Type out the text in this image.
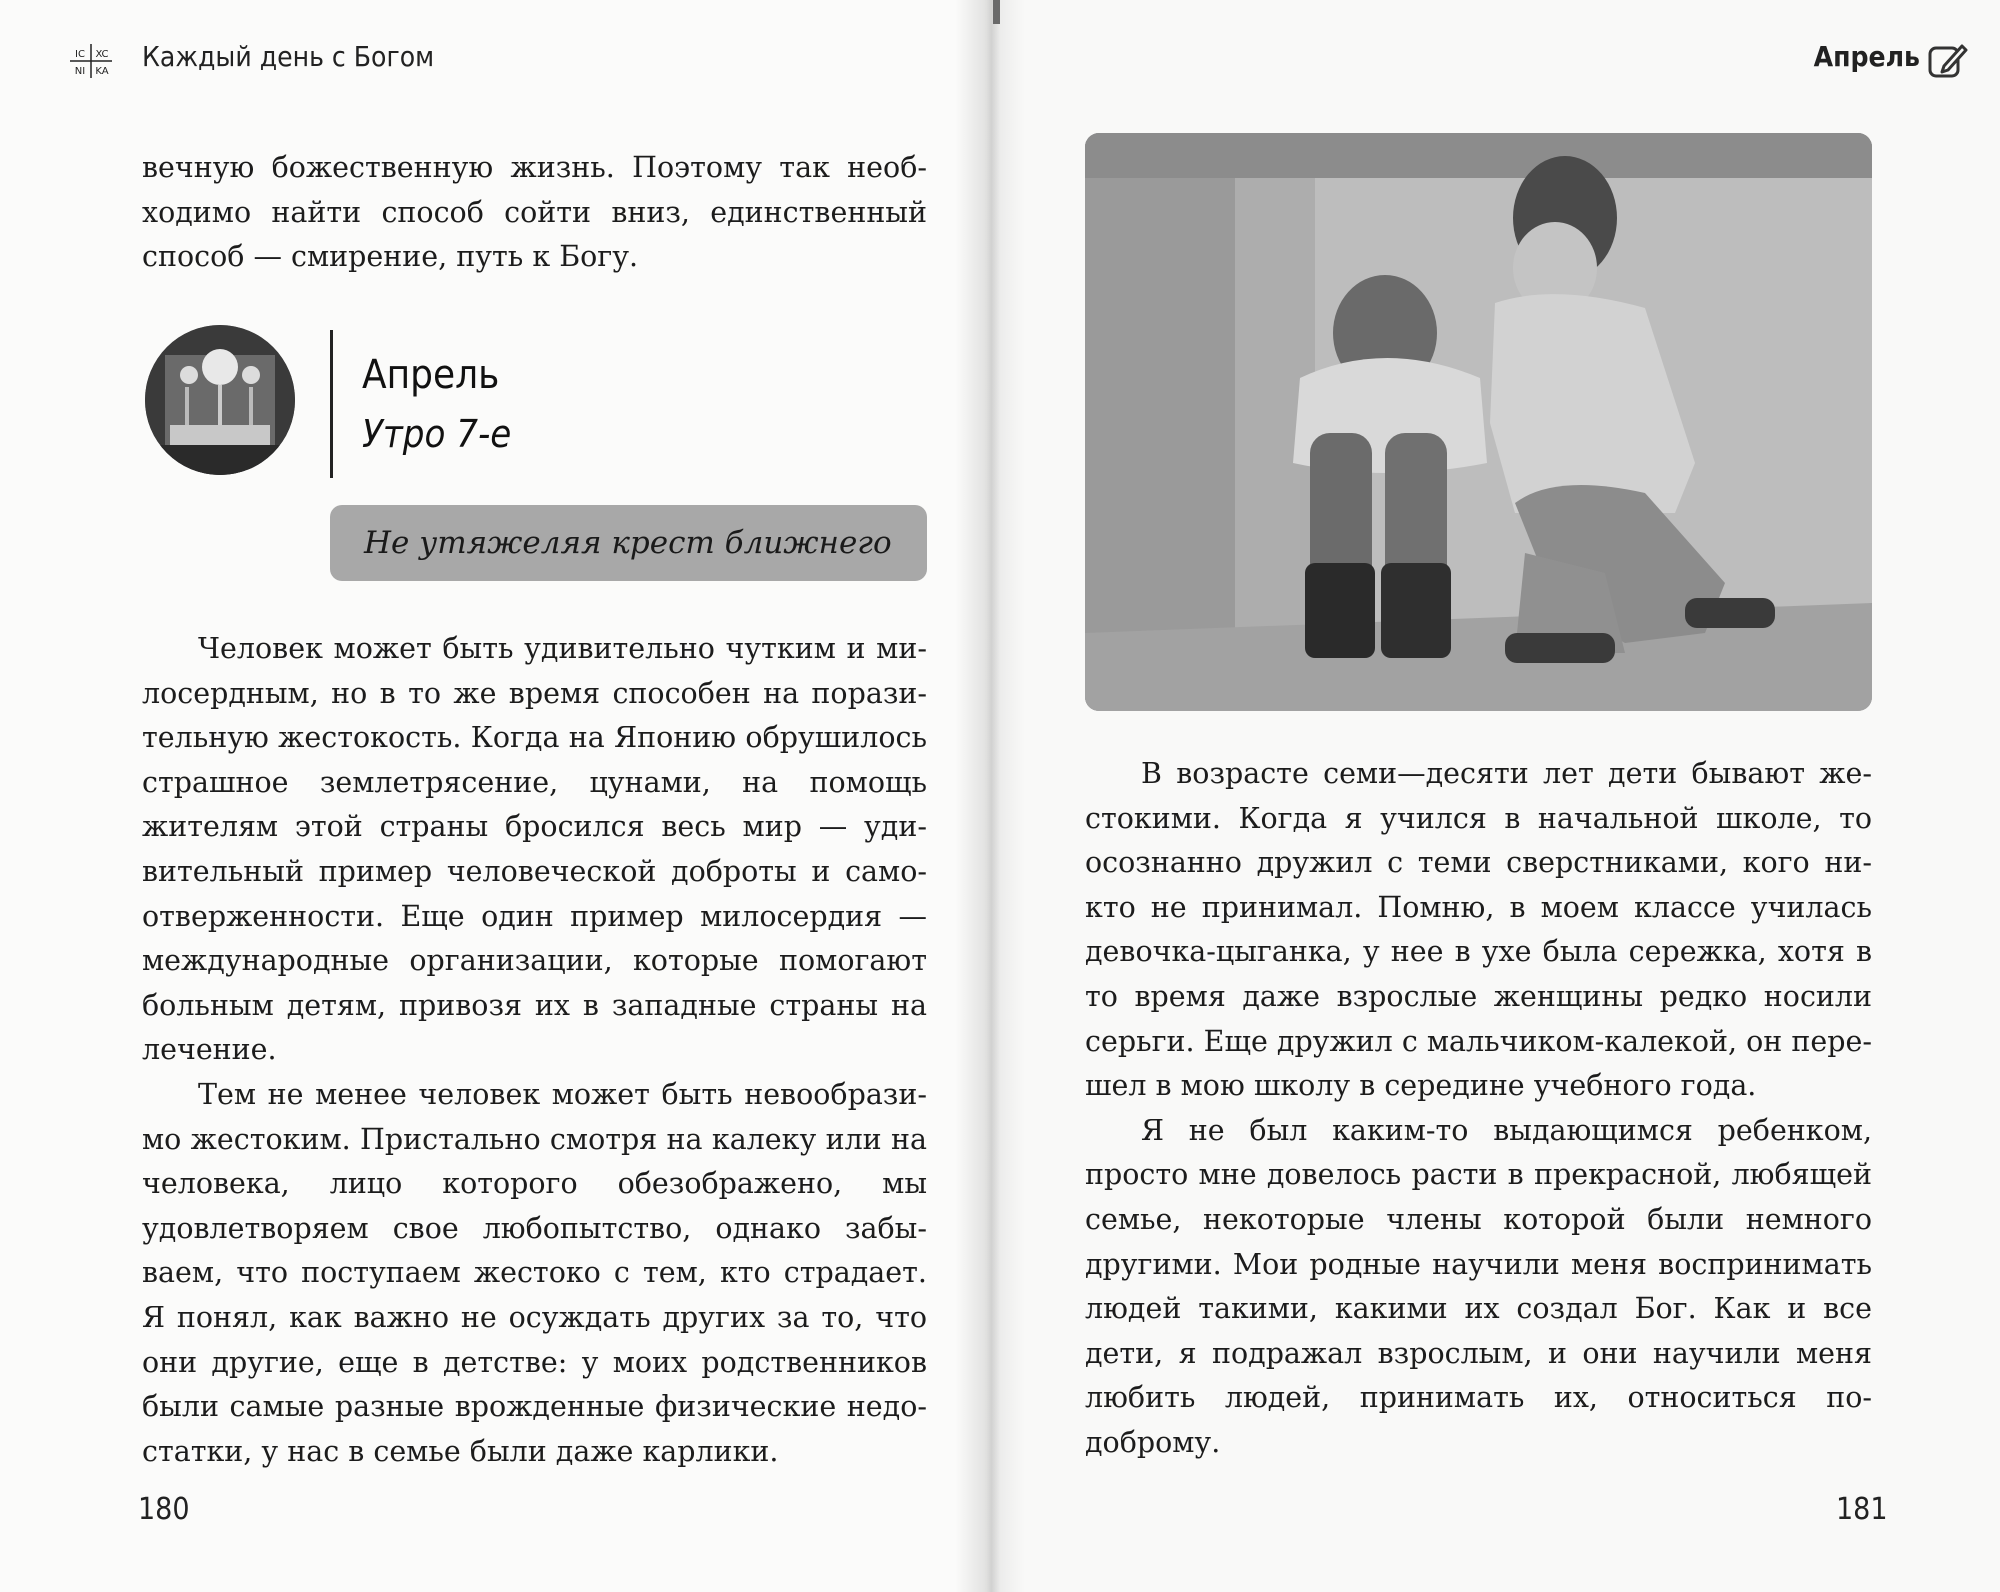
IC XC
NI KA Каждый день с Богом

вечную божественную жизнь. Поэтому так необходимо найти способ сойти вниз, единственный способ — смирение, путь к Богу.

Апрель
Утро 7-е
Не утяжеляя крест ближнего

Человек может быть удивительно чутким и милосердным, но в то же время способен на поразительную жестокость. Когда на Японию обрушилось страшное землетрясение, цунами, на помощь жителям этой страны бросился весь мир — удивительный пример человеческой доброты и самоотверженности. Еще один пример милосердия — международные организации, которые помогают больным детям, привозя их в западные страны на лечение.

Тем не менее человек может быть невообразимо жестоким. Пристально смотря на калеку или на человека, лицо которого обезображено, мы удовлетворяем свое любопытство, однако забываем, что поступаем жестоко с тем, кто страдает. Я понял, как важно не осуждать других за то, что они другие, еще в детстве: у моих родственников были самые разные врожденные физические недостатки, у нас в семье были даже карлики.

180
Апрель

В возрасте семи—десяти лет дети бывают жестокими. Когда я учился в начальной школе, то осознанно дружил с теми сверстниками, кого никто не принимал. Помню, в моем классе училась девочка-цыганка, у нее в ухе была сережка, хотя в то время даже взрослые женщины редко носили серьги. Еще дружил с мальчиком-калекой, он перешел в мою школу в середине учебного года.

Я не был каким-то выдающимся ребенком, просто мне довелось расти в прекрасной, любящей семье, некоторые члены которой были немного другими. Мои родные научили меня воспринимать людей такими, какими их создал Бог. Как и все дети, я подражал взрослым, и они научили меня любить людей, принимать их, относиться по-доброму.

181
